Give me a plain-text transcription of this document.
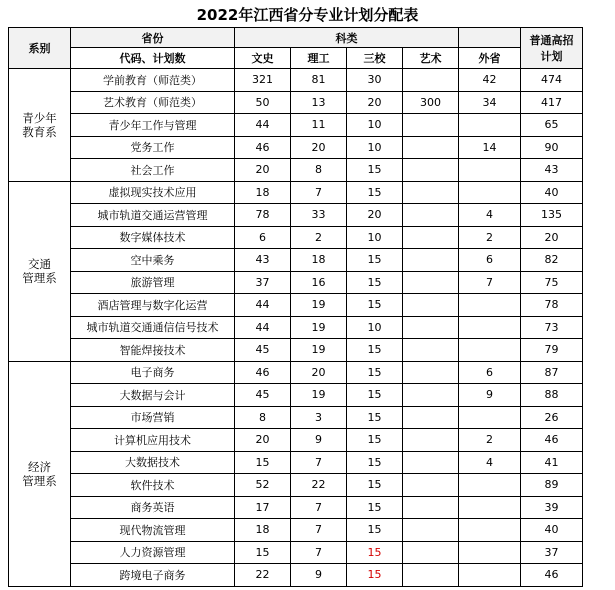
2022年江西省分专业计划分配表
系别	省份	科类					普通高招
计划

	代码、计划数	文史	理工	三校	艺术	外省	

青少年
教育系	学前教育（师范类）	321	81	30		42	474
	艺术教育（师范类）	50	13	20	300	34	417
	青少年工作与管理	44	11	10			65
	党务工作	46	20	10		14	90
	社会工作	20	8	15			43

交通
管理系	虚拟现实技术应用	18	7	15			40
	城市轨道交通运营管理	78	33	20		4	135
	数字媒体技术	6	2	10		2	20
	空中乘务	43	18	15		6	82
	旅游管理	37	16	15		7	75
	酒店管理与数字化运营	44	19	15			78
	城市轨道交通通信信号技术	44	19	10			73
	智能焊接技术	45	19	15			79

经济
管理系	电子商务	46	20	15		6	87
	大数据与会计	45	19	15		9	88
	市场营销	8	3	15			26
	计算机应用技术	20	9	15		2	46
	大数据技术	15	7	15		4	41
	软件技术	52	22	15			89
	商务英语	17	7	15			39
	现代物流管理	18	7	15			40
	人力资源管理	15	7	15			37
	跨境电子商务	22	9	15			46
